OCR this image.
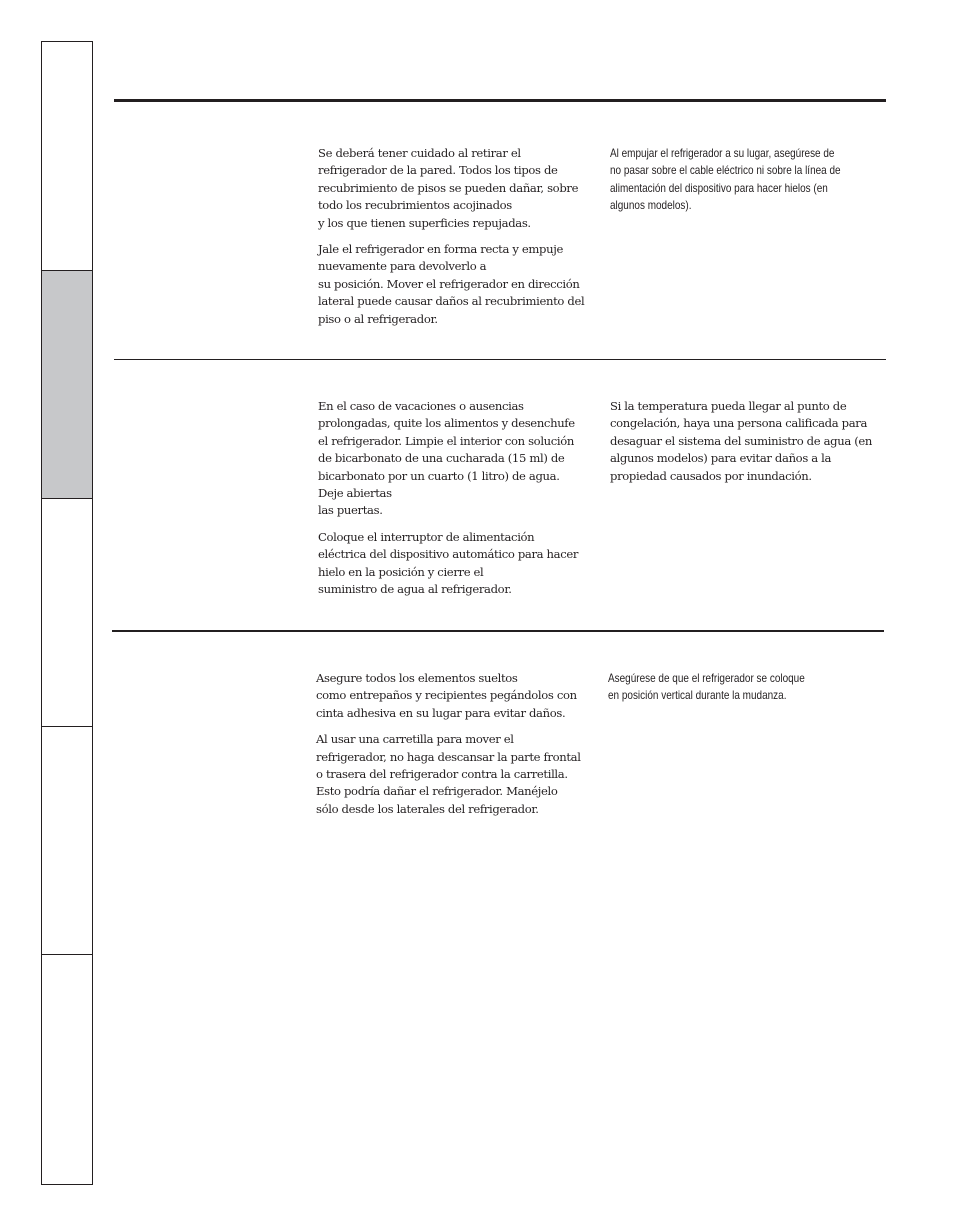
Se deberá tener cuidado al retirar el
refrigerador de la pared. Todos los tipos de
recubrimiento de pisos se pueden dañar, sobre
todo los recubrimientos acojinados
y los que tienen superficies repujadas.

Jale el refrigerador en forma recta y empuje
nuevamente para devolverlo a
su posición. Mover el refrigerador en dirección
lateral puede causar daños al recubrimiento del
piso o al refrigerador.

Al empujar el refrigerador a su lugar, asegúrese de
no pasar sobre el cable eléctrico ni sobre la línea de
alimentación del dispositivo para hacer hielos (en
algunos modelos).

En el caso de vacaciones o ausencias
prolongadas, quite los alimentos y desenchufe
el refrigerador. Limpie el interior con solución
de bicarbonato de una cucharada (15 ml) de
bicarbonato por un cuarto (1 litro) de agua.
Deje abiertas
las puertas.

Coloque el interruptor de alimentación
eléctrica del dispositivo automático para hacer
hielo en la posición y cierre el
suministro de agua al refrigerador.

Si la temperatura pueda llegar al punto de
congelación, haya una persona calificada para
desaguar el sistema del suministro de agua (en
algunos modelos) para evitar daños a la
propiedad causados por inundación.

Asegure todos los elementos sueltos
como entrepaños y recipientes pegándolos con
cinta adhesiva en su lugar para evitar daños.

Al usar una carretilla para mover el
refrigerador, no haga descansar la parte frontal
o trasera del refrigerador contra la carretilla.
Esto podría dañar el refrigerador. Manéjelo
sólo desde los laterales del refrigerador.

Asegúrese de que el refrigerador se coloque
en posición vertical durante la mudanza.
